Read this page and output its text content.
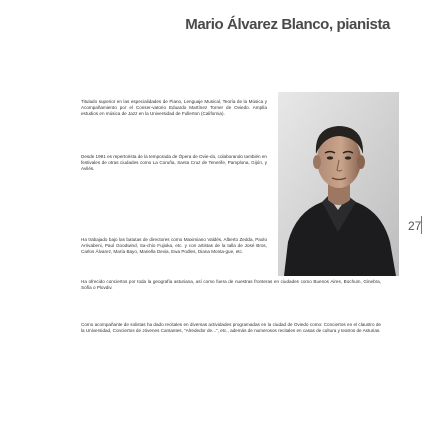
Mario Álvarez Blanco, pianista
Titulado superior en las especialidades de Piano, Lenguaje Musical, Teoría de la Música y Acompañamiento por el Conser-vatorio Eduardo Martínez Torner de Oviedo. Amplía estudios en música de Jazz en la Universidad de Fullerton (California).
Desde 1991 es repertorista de la temporada de Ópera de Ovie-do, colaborando también en festivales de otras ciudades como La Coruña, Santa Cruz de Tenerife, Pamplona, Gijón, y Avilés.
Ha trabajado bajo las batutas de directores como Maximiano Valdés, Alberto Zedda, Paolo Arrivabeni, Paul Goodwind, Sa-chio Fujioka, etc. y con artistas de la talla de José Bros, Carlos Álvarez, María Bayo, Mariella Devia, Ewa Podles, Diana Monta-gue, etc.
Ha ofrecido conciertos por toda la geografía asturiana, así como fuera de nuestras fronteras en ciudades como Buenos Aires, Bochum, Ginebra, Sofía o Plovdiv.
Como acompañante de solistas ha dado recitales en diversas actividades programadas en la ciudad de Oviedo como: Conciertos en el claustro de la Universidad, Conciertos de Jóvenes Cantantes, "Alrededor de...", etc., además de numerosos recitales en casas de cultura y teatros de Asturias.
27
